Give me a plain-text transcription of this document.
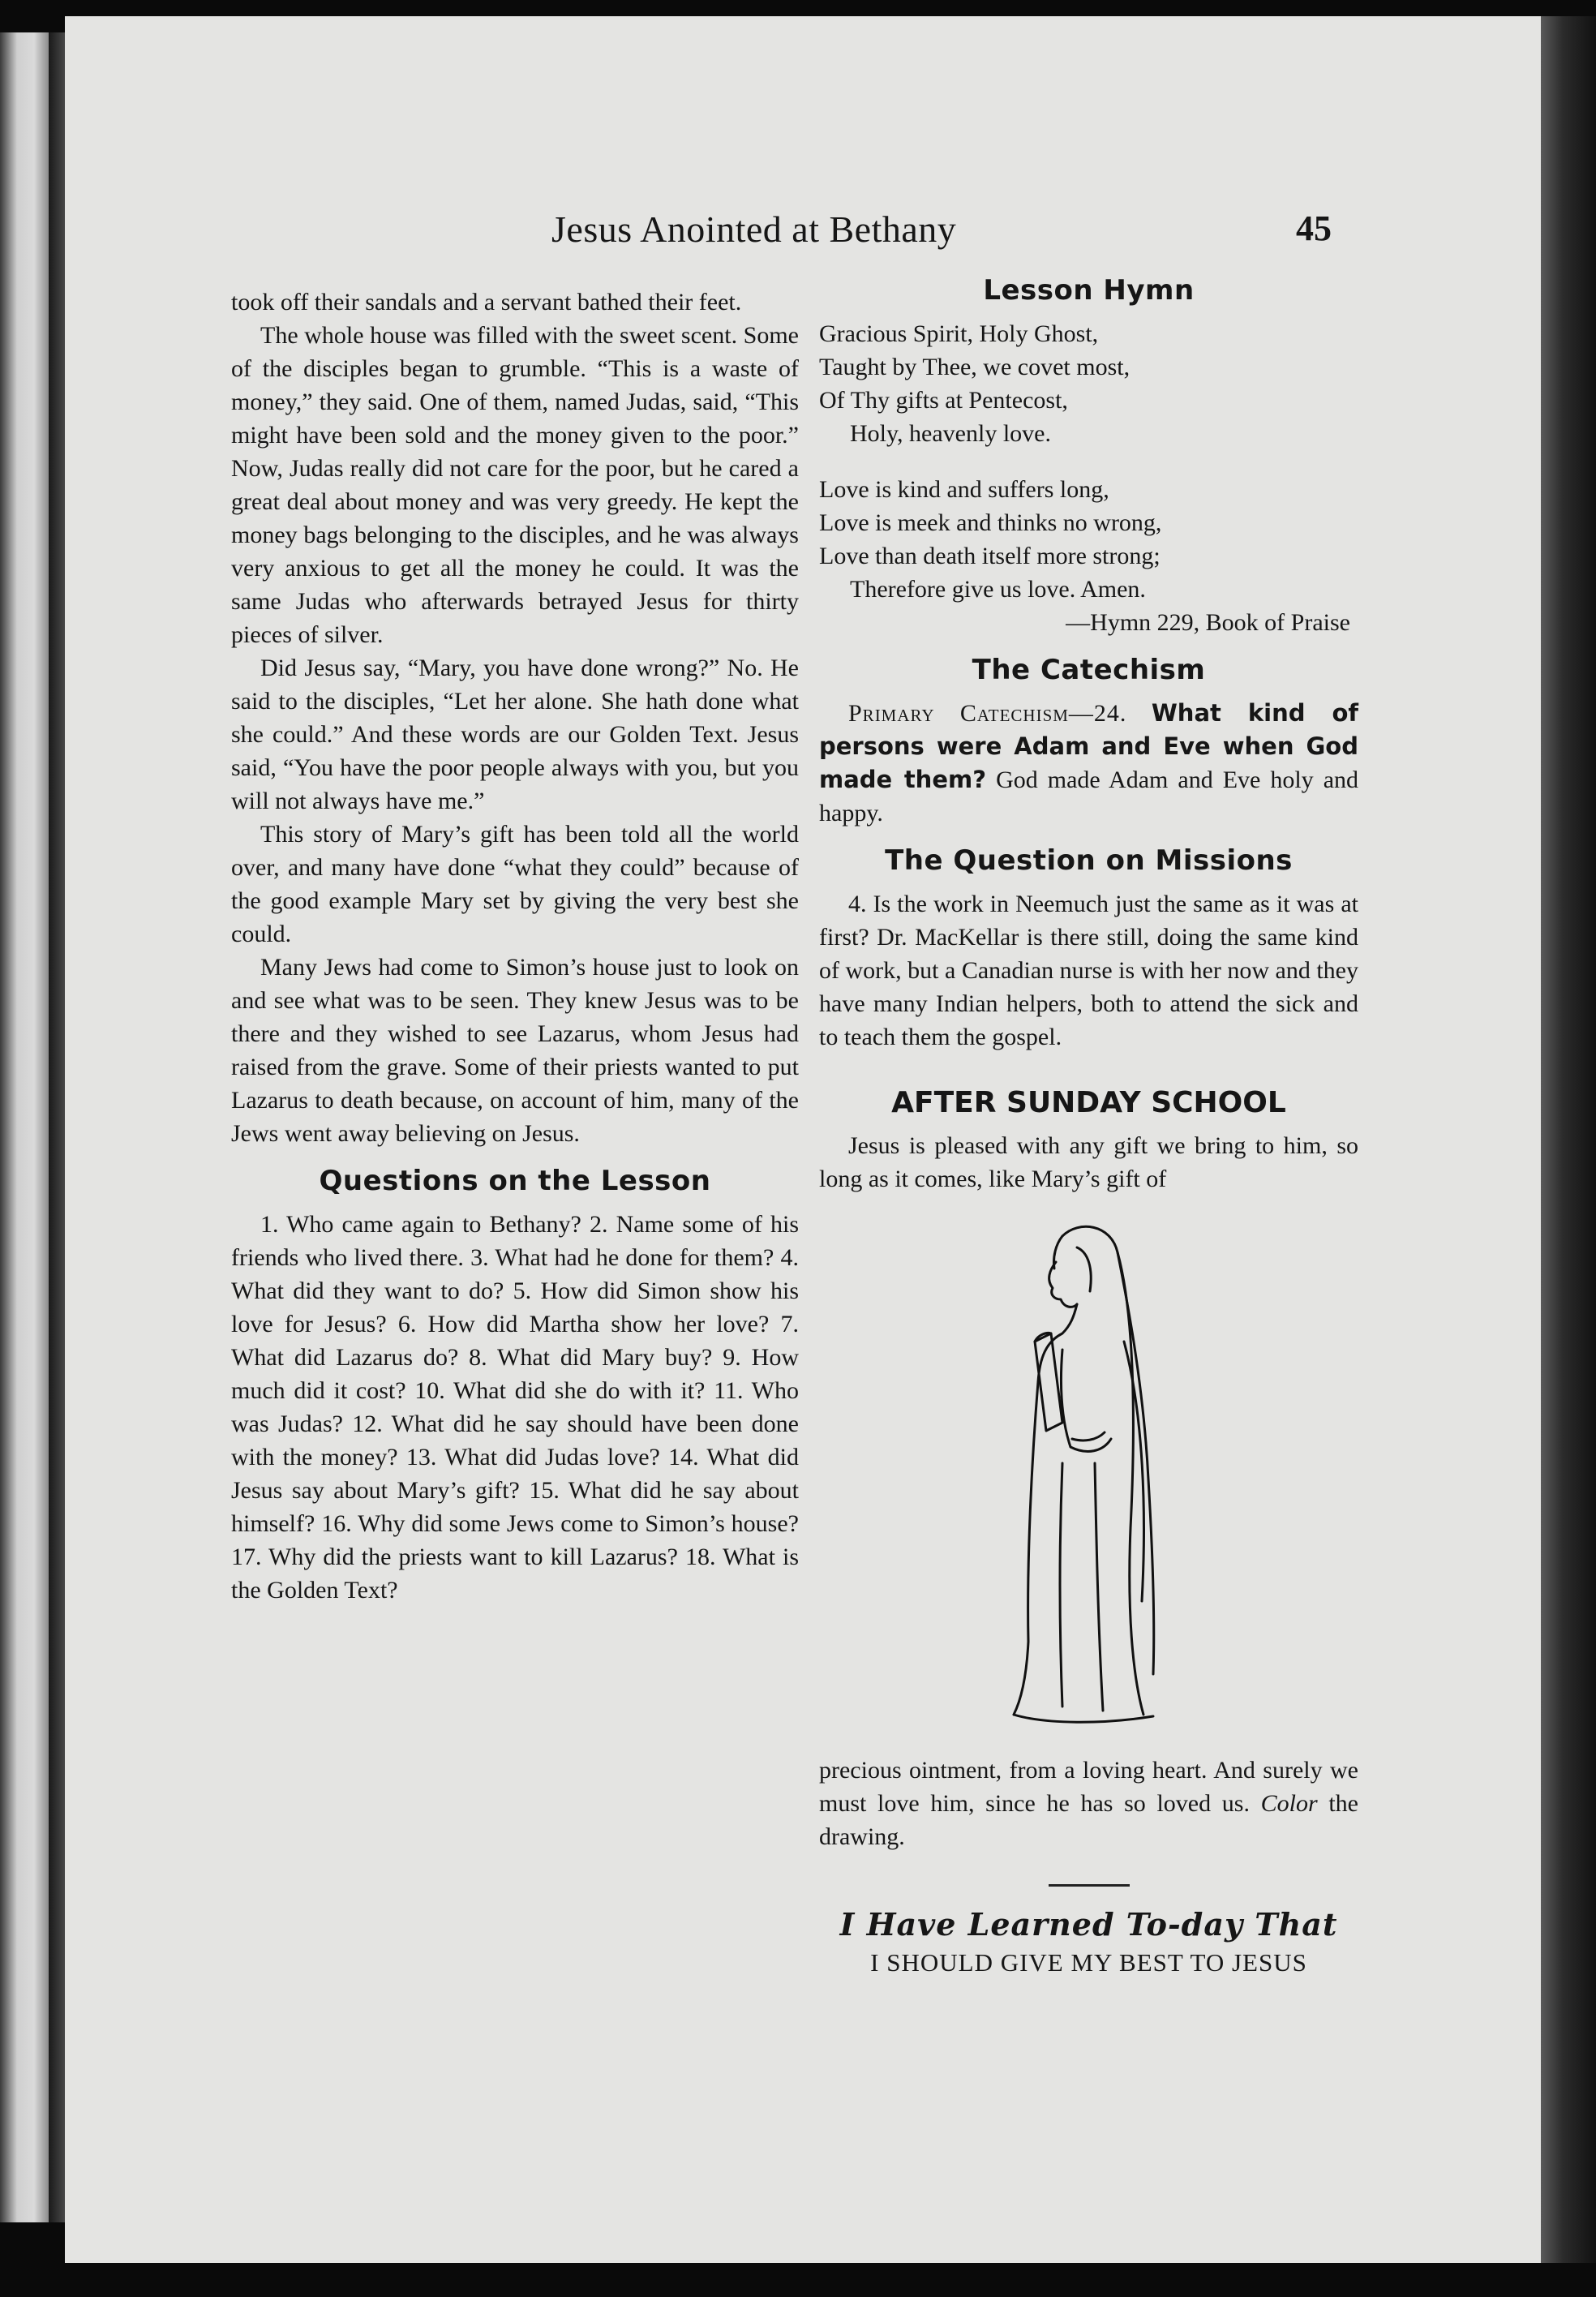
Jesus Anointed at Bethany	45

took off their sandals and a servant bathed their feet.

The whole house was filled with the sweet scent. Some of the disciples began to grumble. “This is a waste of money,” they said. One of them, named Judas, said, “This might have been sold and the money given to the poor.” Now, Judas really did not care for the poor, but he cared a great deal about money and was very greedy. He kept the money bags belonging to the disciples, and he was always very anxious to get all the money he could. It was the same Judas who afterwards betrayed Jesus for thirty pieces of silver.

Did Jesus say, “Mary, you have done wrong?” No. He said to the disciples, “Let her alone. She hath done what she could.” And these words are our Golden Text. Jesus said, “You have the poor people always with you, but you will not always have me.”

This story of Mary’s gift has been told all the world over, and many have done “what they could” because of the good example Mary set by giving the very best she could.

Many Jews had come to Simon’s house just to look on and see what was to be seen. They knew Jesus was to be there and they wished to see Lazarus, whom Jesus had raised from the grave. Some of their priests wanted to put Lazarus to death because, on account of him, many of the Jews went away believing on Jesus.

Questions on the Lesson

1. Who came again to Bethany? 2. Name some of his friends who lived there. 3. What had he done for them? 4. What did they want to do? 5. How did Simon show his love for Jesus? 6. How did Martha show her love? 7. What did Lazarus do? 8. What did Mary buy? 9. How much did it cost? 10. What did she do with it? 11. Who was Judas? 12. What did he say should have been done with the money? 13. What did Judas love? 14. What did Jesus say about Mary’s gift? 15. What did he say about himself? 16. Why did some Jews come to Simon’s house? 17. Why did the priests want to kill Lazarus? 18. What is the Golden Text?

Lesson Hymn
Gracious Spirit, Holy Ghost,
Taught by Thee, we covet most,
Of Thy gifts at Pentecost,
Holy, heavenly love.
Love is kind and suffers long,
Love is meek and thinks no wrong,
Love than death itself more strong;
Therefore give us love. Amen.
—Hymn 229, Book of Praise
The Catechism

Primary Catechism—24. What kind of persons were Adam and Eve when God made them? God made Adam and Eve holy and happy.

The Question on Missions

4. Is the work in Neemuch just the same as it was at first? Dr. MacKellar is there still, doing the same kind of work, but a Canadian nurse is with her now and they have many Indian helpers, both to attend the sick and to teach them the gospel.

AFTER SUNDAY SCHOOL

Jesus is pleased with any gift we bring to him, so long as it comes, like Mary’s gift of

precious ointment, from a loving heart. And surely we must love him, since he has so loved us. Color the drawing.

I Have Learned To-day That
I SHOULD GIVE MY BEST TO JESUS
